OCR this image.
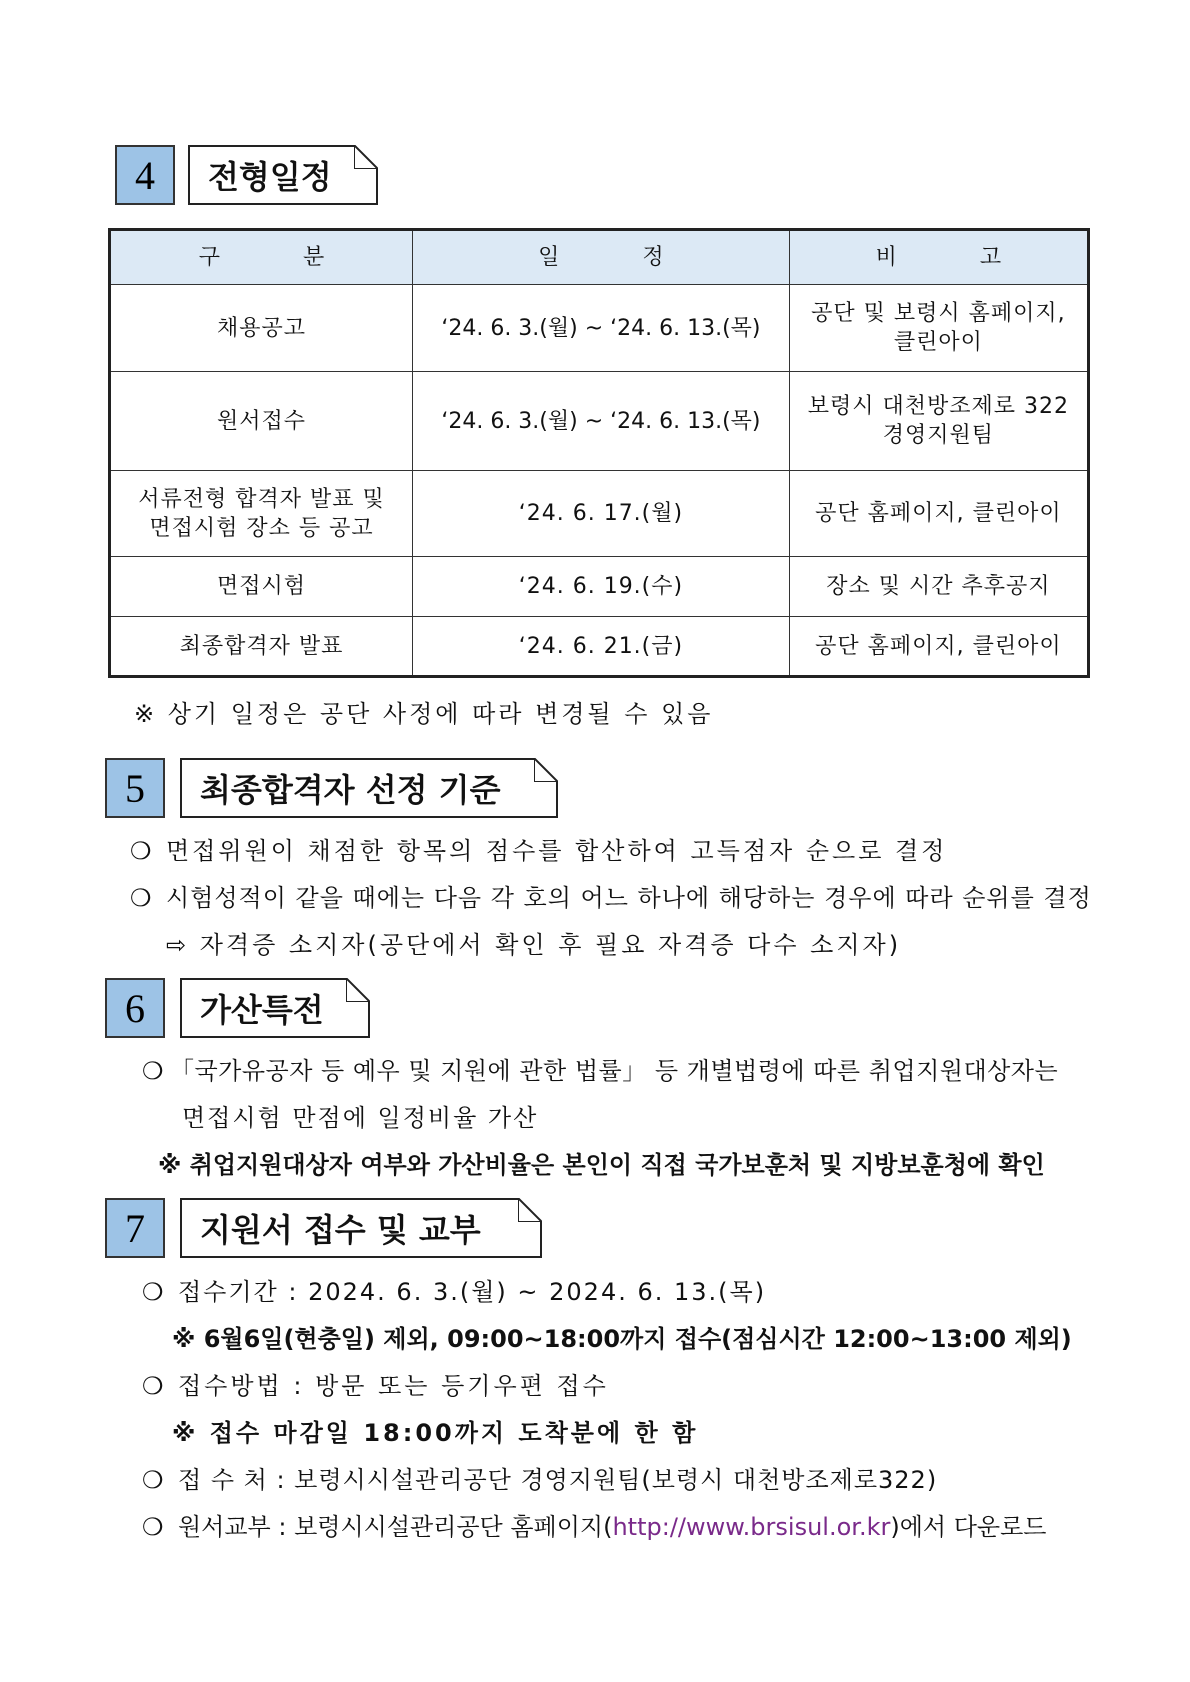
4	전형일정
구 분	일 정	비 고
채용공고	‘24. 6. 3.(월) ~ ‘24. 6. 13.(목)	공단 및 보령시 홈페이지,
클린아이
원서접수	‘24. 6. 3.(월) ~ ‘24. 6. 13.(목)	보령시 대천방조제로 322
경영지원팀
서류전형 합격자 발표 및
면접시험 장소 등 공고	‘24. 6. 17.(월)	공단 홈페이지, 클린아이
면접시험	‘24. 6. 19.(수)	장소 및 시간 추후공지
최종합격자 발표	‘24. 6. 21.(금)	공단 홈페이지, 클린아이
※ 상기 일정은 공단 사정에 따라 변경될 수 있음
5	최종합격자 선정 기준
❍ 면접위원이 채점한 항목의 점수를 합산하여 고득점자 순으로 결정
❍ 시험성적이 같을 때에는 다음 각 호의 어느 하나에 해당하는 경우에 따라 순위를 결정
⇨ 자격증 소지자(공단에서 확인 후 필요 자격증 다수 소지자)
6	가산특전
❍ 「국가유공자 등 예우 및 지원에 관한 법률」 등 개별법령에 따른 취업지원대상자는
면접시험 만점에 일정비율 가산
※ 취업지원대상자 여부와 가산비율은 본인이 직접 국가보훈처 및 지방보훈청에 확인
7	지원서 접수 및 교부
❍ 접수기간 : 2024. 6. 3.(월) ~ 2024. 6. 13.(목)
※ 6월6일(현충일) 제외, 09:00~18:00까지 접수(점심시간 12:00~13:00 제외)
❍ 접수방법 : 방문 또는 등기우편 접수
※ 접수 마감일 18:00까지 도착분에 한 함
❍ 접 수 처 : 보령시시설관리공단 경영지원팀(보령시 대천방조제로322)
❍ 원서교부 : 보령시시설관리공단 홈페이지(http://www.brsisul.or.kr)에서 다운로드
